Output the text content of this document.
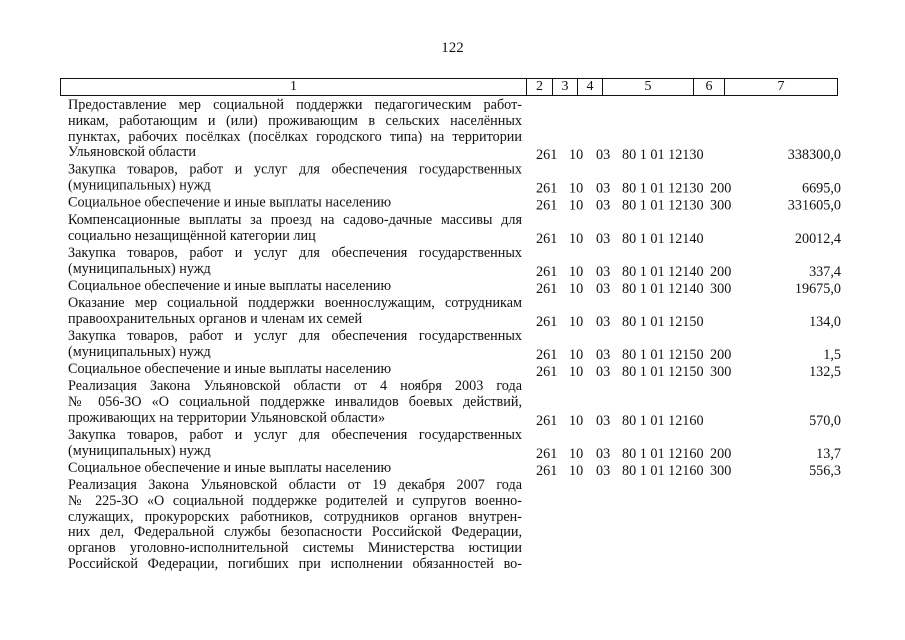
122
1	2	3	4	5	6	7
Предоставление мер социальной поддержки педагогическим работ-
никам, работающим и (или) проживающим в сельских населённых
пунктах, рабочих посёлках (посёлках городского типа) на территории
Ульяновской области	261 10 03 80 1 01 12130	338300,0
Закупка товаров, работ и услуг для обеспечения государственных
(муниципальных) нужд	261 10 03 80 1 01 12130 200	6695,0
Социальное обеспечение и иные выплаты населению	261 10 03 80 1 01 12130 300	331605,0
Компенсационные выплаты за проезд на садово-дачные массивы для
социально незащищённой категории лиц	261 10 03 80 1 01 12140	20012,4
Закупка товаров, работ и услуг для обеспечения государственных
(муниципальных) нужд	261 10 03 80 1 01 12140 200	337,4
Социальное обеспечение и иные выплаты населению	261 10 03 80 1 01 12140 300	19675,0
Оказание мер социальной поддержки военнослужащим, сотрудникам
правоохранительных органов и членам их семей	261 10 03 80 1 01 12150	134,0
Закупка товаров, работ и услуг для обеспечения государственных
(муниципальных) нужд	261 10 03 80 1 01 12150 200	1,5
Социальное обеспечение и иные выплаты населению	261 10 03 80 1 01 12150 300	132,5
Реализация Закона Ульяновской области от 4 ноября 2003 года
№ 056-ЗО «О социальной поддержке инвалидов боевых действий,
проживающих на территории Ульяновской области»	261 10 03 80 1 01 12160	570,0
Закупка товаров, работ и услуг для обеспечения государственных
(муниципальных) нужд	261 10 03 80 1 01 12160 200	13,7
Социальное обеспечение и иные выплаты населению	261 10 03 80 1 01 12160 300	556,3
Реализация Закона Ульяновской области от 19 декабря 2007 года
№ 225-ЗО «О социальной поддержке родителей и супругов военно-
служащих, прокурорских работников, сотрудников органов внутрен-
них дел, Федеральной службы безопасности Российской Федерации,
органов уголовно-исполнительной системы Министерства юстиции
Российской Федерации, погибших при исполнении обязанностей во-
